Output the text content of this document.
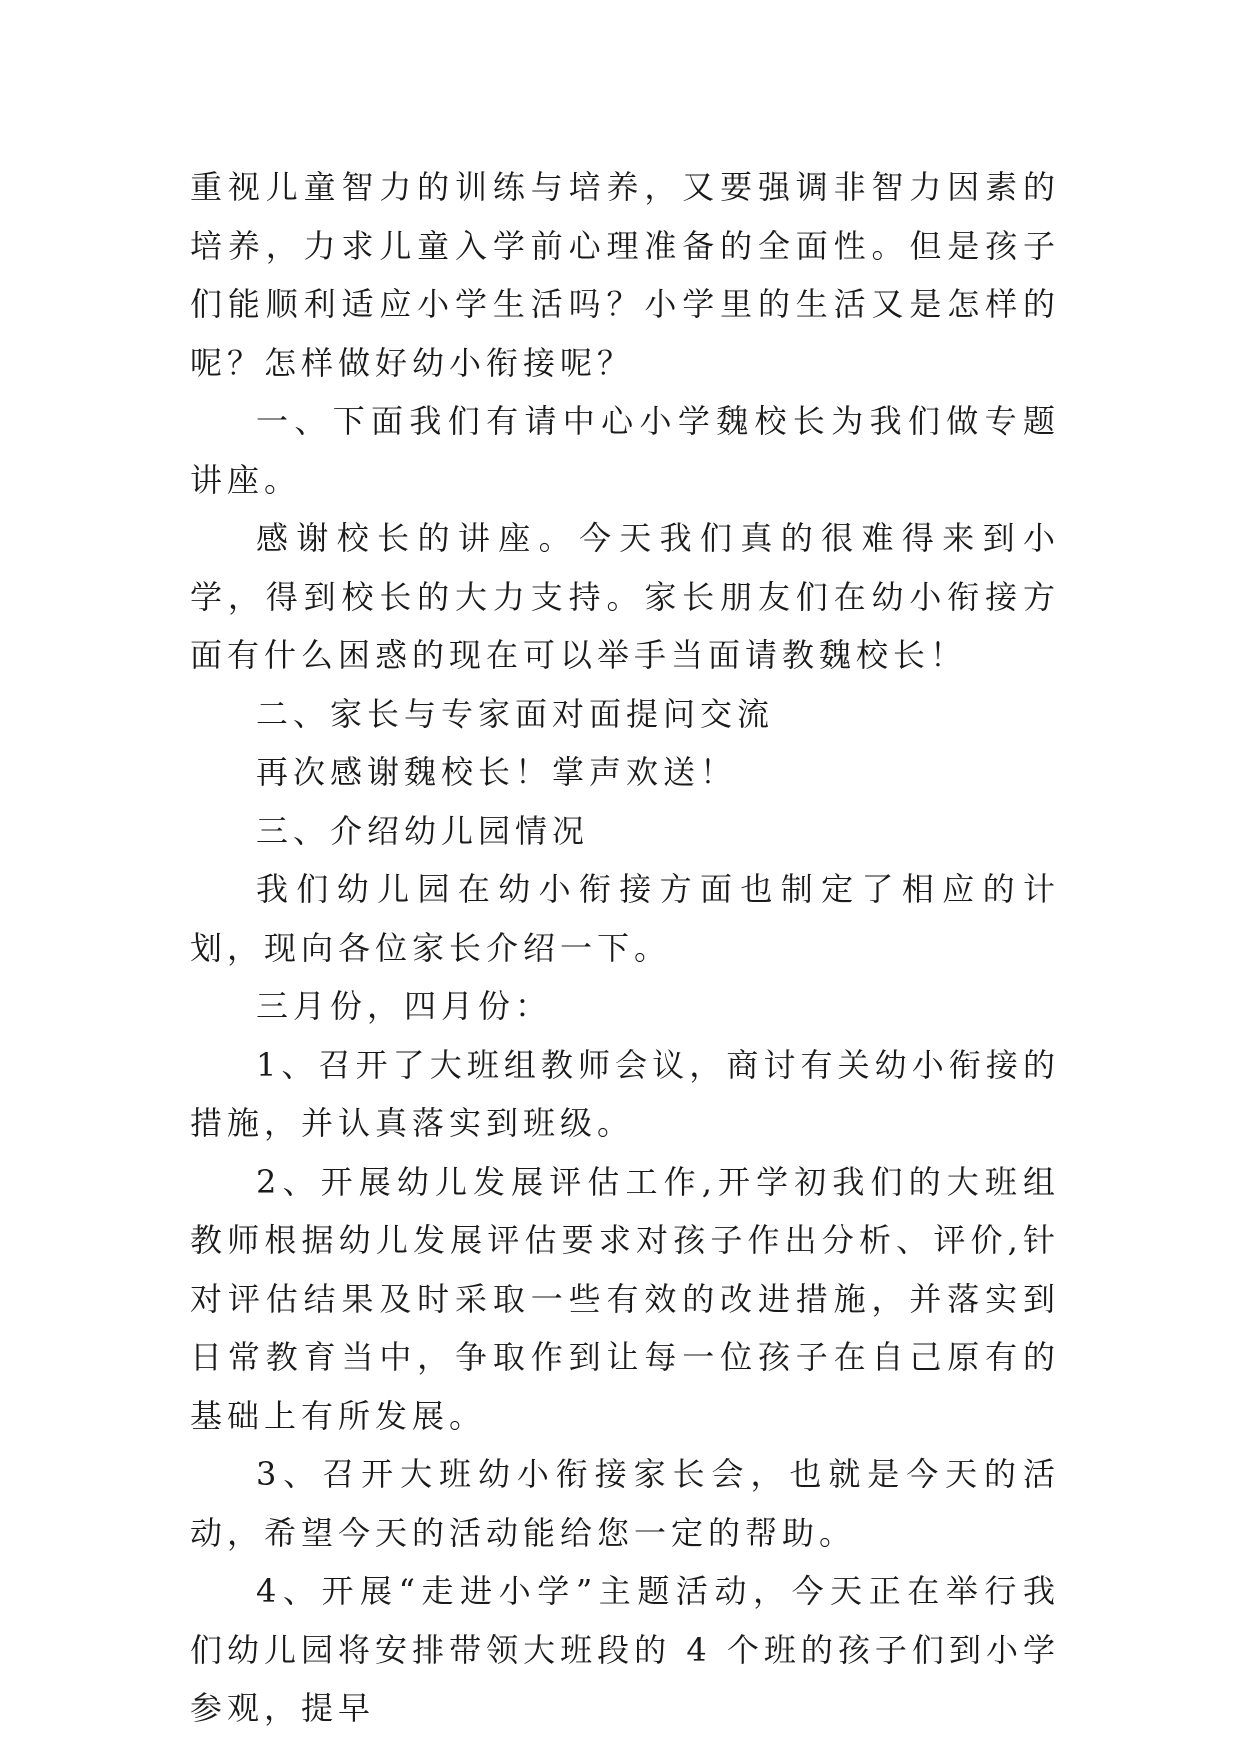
重视儿童智力的训练与培养，又要强调非智力因素的培养，力求儿童入学前心理准备的全面性。但是孩子们能顺利适应小学生活吗？小学里的生活又是怎样的呢？怎样做好幼小衔接呢？

一、下面我们有请中心小学魏校长为我们做专题讲座。

感谢校长的讲座。今天我们真的很难得来到小学，得到校长的大力支持。家长朋友们在幼小衔接方面有什么困惑的现在可以举手当面请教魏校长！

二、家长与专家面对面提问交流

再次感谢魏校长！掌声欢送！

三、介绍幼儿园情况

我们幼儿园在幼小衔接方面也制定了相应的计划，现向各位家长介绍一下。

三月份，四月份：

1、召开了大班组教师会议，商讨有关幼小衔接的措施，并认真落实到班级。

2、开展幼儿发展评估工作,开学初我们的大班组教师根据幼儿发展评估要求对孩子作出分析、评价,针对评估结果及时采取一些有效的改进措施，并落实到日常教育当中，争取作到让每一位孩子在自己原有的基础上有所发展。

3、召开大班幼小衔接家长会，也就是今天的活动，希望今天的活动能给您一定的帮助。

4、开展“走进小学”主题活动，今天正在举行我们幼儿园将安排带领大班段的 4 个班的孩子们到小学参观，提早
